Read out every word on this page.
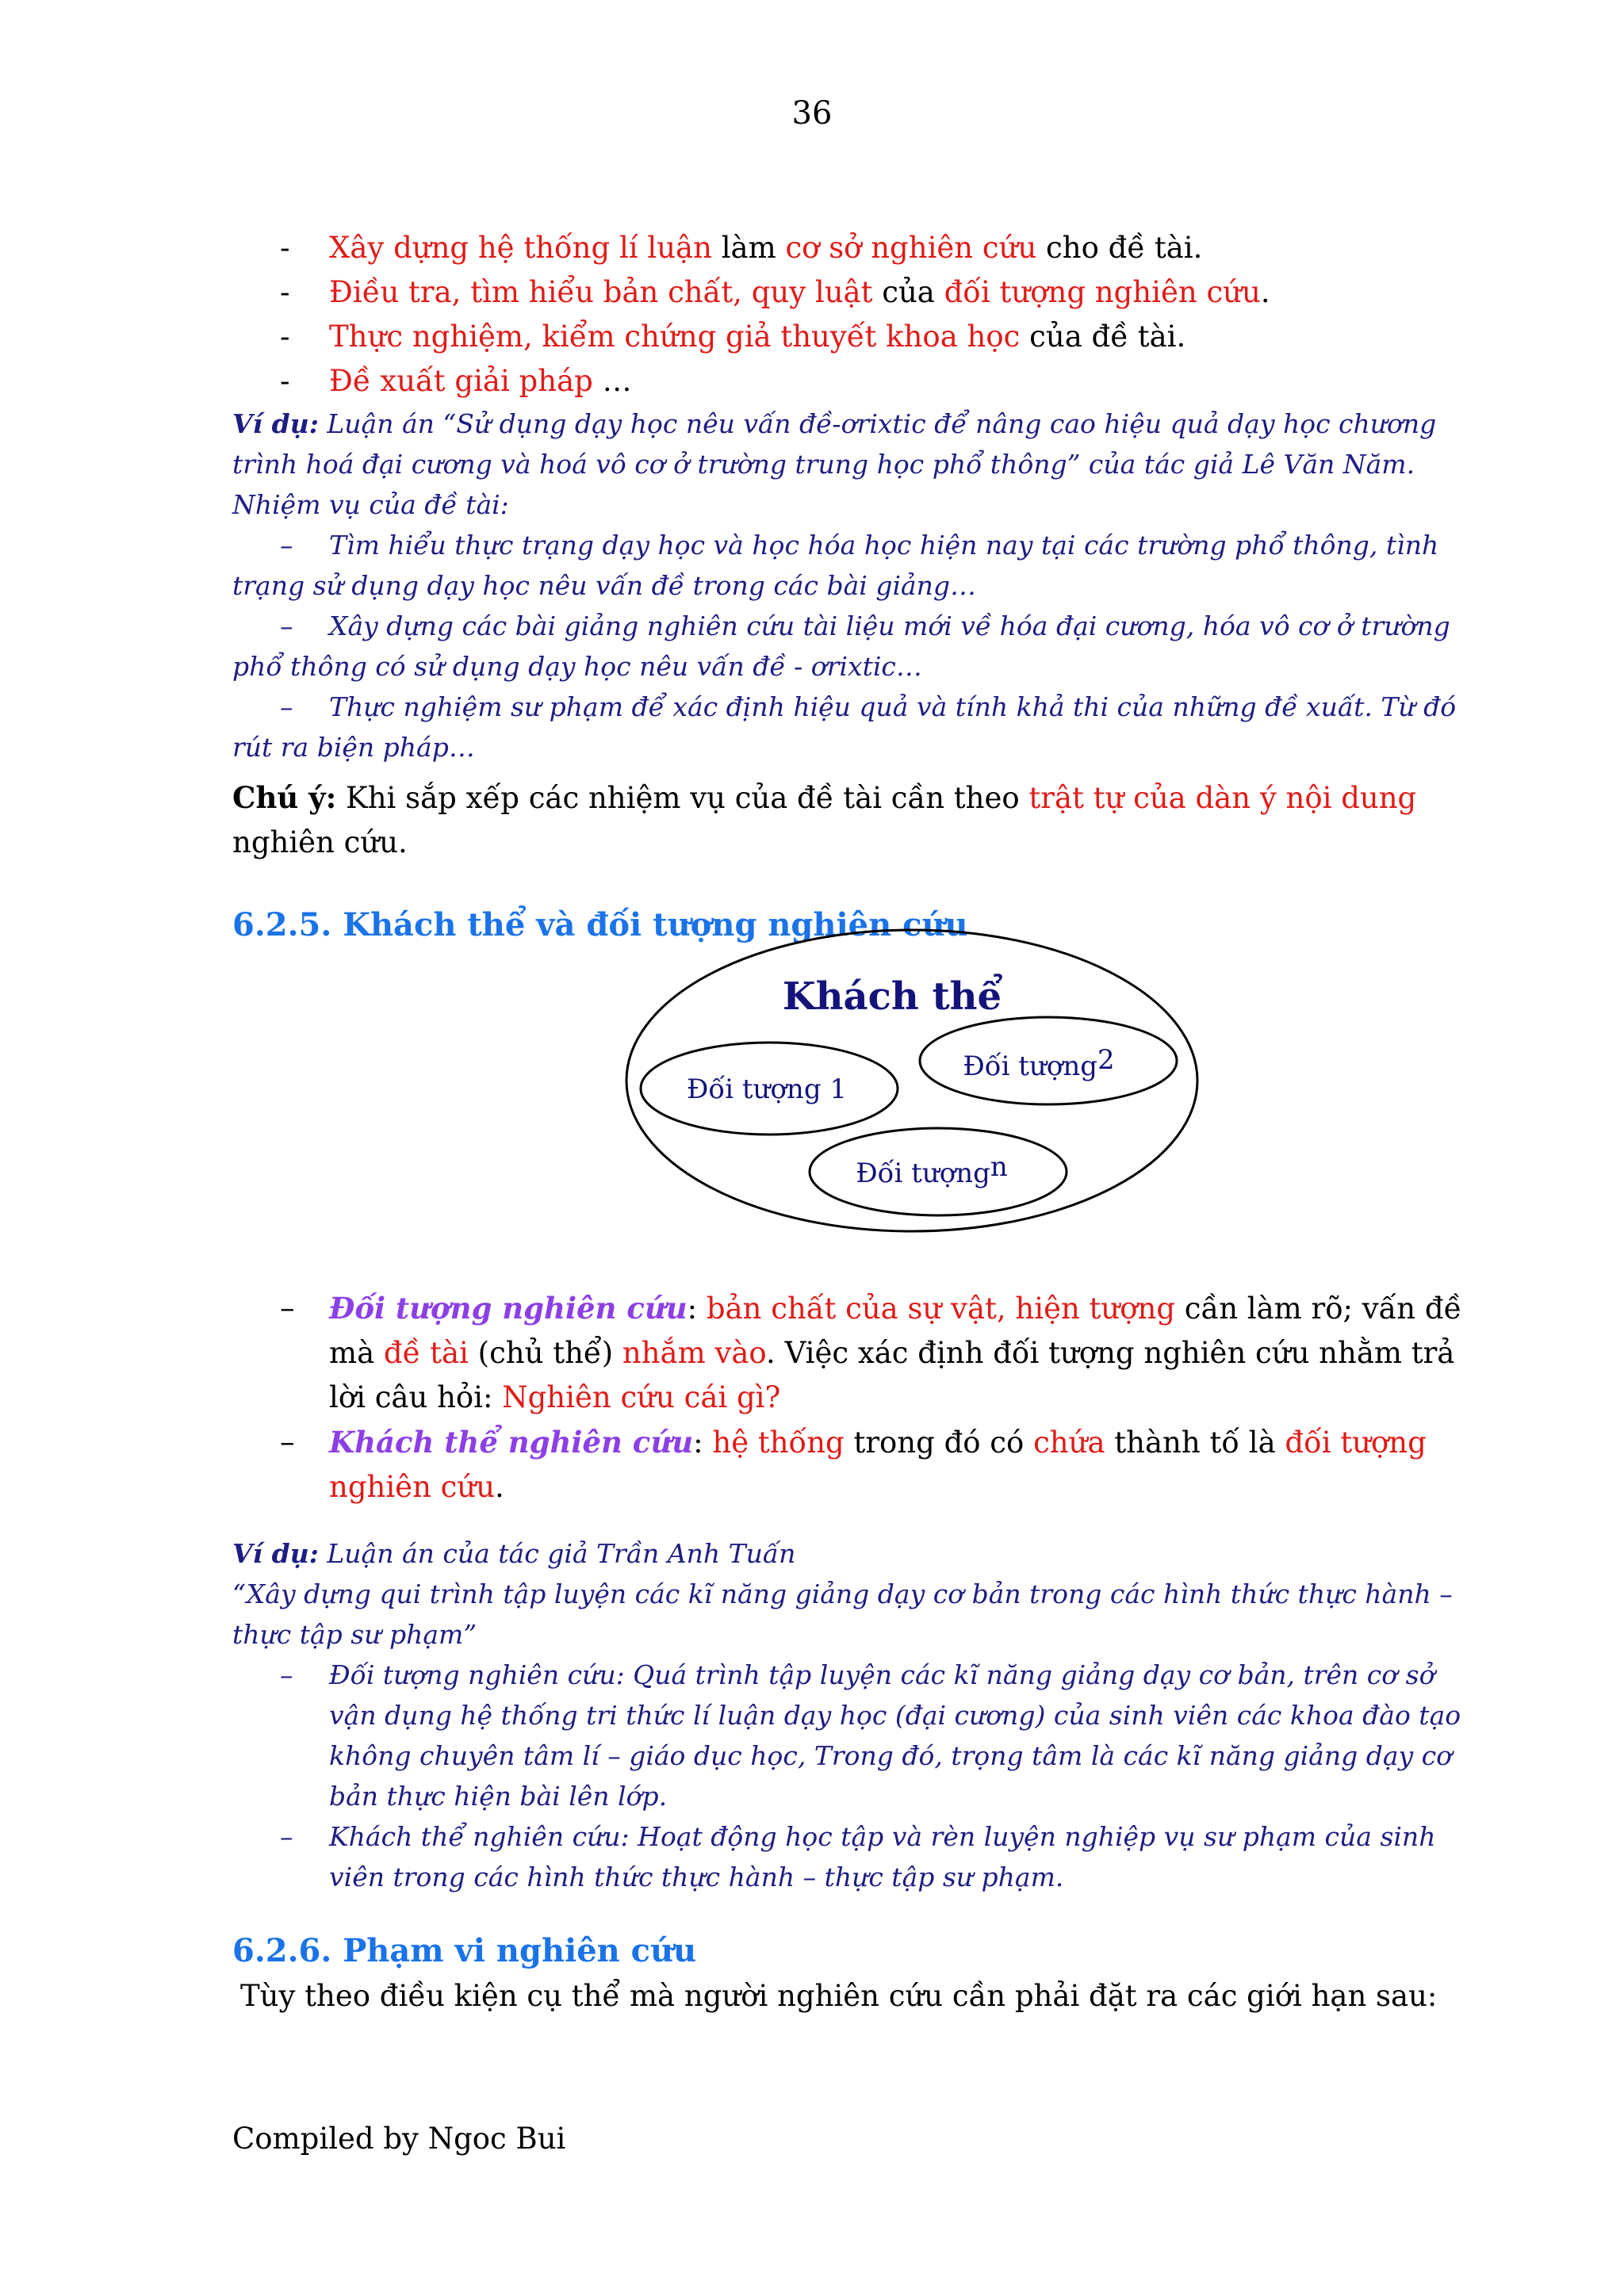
36
- Xây dựng hệ thống lí luận làm cơ sở nghiên cứu cho đề tài.
- Điều tra, tìm hiểu bản chất, quy luật của đối tượng nghiên cứu.
- Thực nghiệm, kiểm chứng giả thuyết khoa học của đề tài.
- Đề xuất giải pháp …
Ví dụ: Luận án “Sử dụng dạy học nêu vấn đề-ơrixtic để nâng cao hiệu quả dạy học chương trình hoá đại cương và hoá vô cơ ở trường trung học phổ thông” của tác giả Lê Văn Năm.
Nhiệm vụ của đề tài:
– Tìm hiểu thực trạng dạy học và học hóa học hiện nay tại các trường phổ thông, tình trạng sử dụng dạy học nêu vấn đề trong các bài giảng…
– Xây dựng các bài giảng nghiên cứu tài liệu mới về hóa đại cương, hóa vô cơ ở trường phổ thông có sử dụng dạy học nêu vấn đề - ơrixtic…
– Thực nghiệm sư phạm để xác định hiệu quả và tính khả thi của những đề xuất. Từ đó rút ra biện pháp…
Chú ý: Khi sắp xếp các nhiệm vụ của đề tài cần theo trật tự của dàn ý nội dung nghiên cứu.
6.2.5. Khách thể và đối tượng nghiên cứu
Khách thể
Đối tượng 1
Đối tượng2
Đối tượngn
– Đối tượng nghiên cứu: bản chất của sự vật, hiện tượng cần làm rõ; vấn đề mà đề tài (chủ thể) nhắm vào. Việc xác định đối tượng nghiên cứu nhằm trả lời câu hỏi: Nghiên cứu cái gì?
– Khách thể nghiên cứu: hệ thống trong đó có chứa thành tố là đối tượng nghiên cứu.
Ví dụ: Luận án của tác giả Trần Anh Tuấn
“Xây dựng qui trình tập luyện các kĩ năng giảng dạy cơ bản trong các hình thức thực hành – thực tập sư phạm”
– Đối tượng nghiên cứu: Quá trình tập luyện các kĩ năng giảng dạy cơ bản, trên cơ sở vận dụng hệ thống tri thức lí luận dạy học (đại cương) của sinh viên các khoa đào tạo không chuyên tâm lí – giáo dục học, Trong đó, trọng tâm là các kĩ năng giảng dạy cơ bản thực hiện bài lên lớp.
– Khách thể nghiên cứu: Hoạt động học tập và rèn luyện nghiệp vụ sư phạm của sinh viên trong các hình thức thực hành – thực tập sư phạm.
6.2.6. Phạm vi nghiên cứu
Tùy theo điều kiện cụ thể mà người nghiên cứu cần phải đặt ra các giới hạn sau:
Compiled by Ngoc Bui
